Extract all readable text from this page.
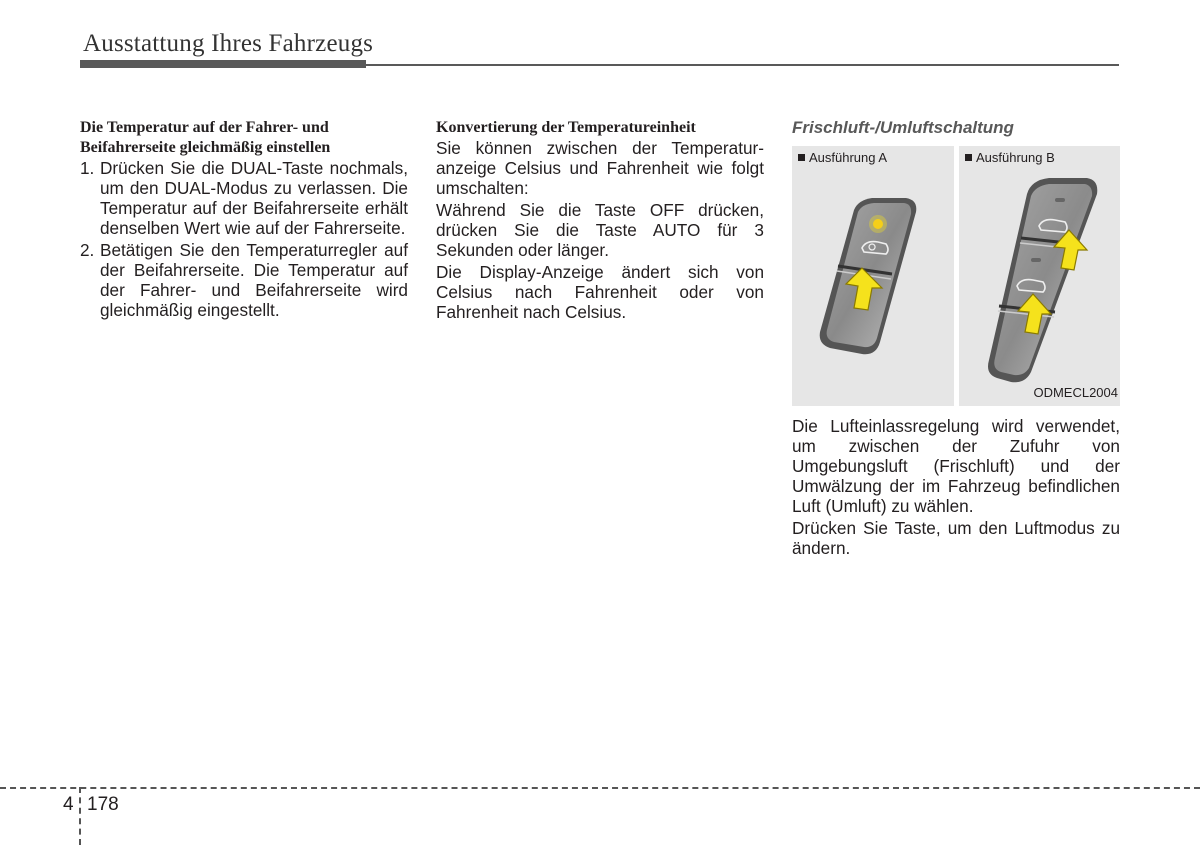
Ausstattung Ihres Fahrzeugs
Die Temperatur auf der Fahrer- und Beifahrerseite gleichmäßig einstellen
1. Drücken Sie die DUAL-Taste nochmals, um den DUAL-Modus zu verlassen. Die Temperatur auf der Beifahrerseite erhält denselben Wert wie auf der Fahrerseite.
2. Betätigen Sie den Temperaturregler auf der Beifahrerseite. Die Temperatur auf der Fahrer- und Beifahrerseite wird gleichmäßig eingestellt.
Konvertierung der Temperatureinheit

Sie können zwischen der Temperatur-anzeige Celsius und Fahrenheit wie folgt umschalten:

Während Sie die Taste OFF drücken, drücken Sie die Taste AUTO für 3 Sekunden oder länger.

Die Display-Anzeige ändert sich von Celsius nach Fahrenheit oder von Fahrenheit nach Celsius.

Frischluft-/Umluftschaltung
Ausführung A	Ausführung B
ODMECL2004

Die Lufteinlassregelung wird verwendet, um zwischen der Zufuhr von Umgebungsluft (Frischluft) und der Umwälzung der im Fahrzeug befindlichen Luft (Umluft) zu wählen.

Drücken Sie Taste, um den Luftmodus zu ändern.

4 178
